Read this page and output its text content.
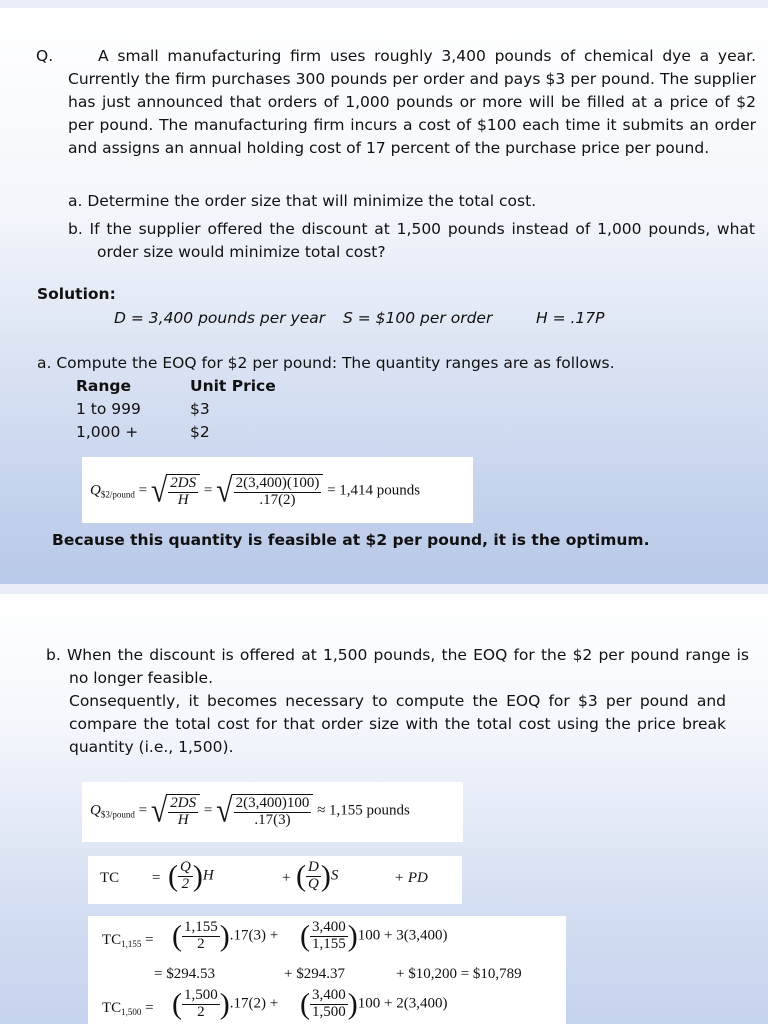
Q.	A small manufacturing firm uses roughly 3,400 pounds of chemical dye a year. Currently the firm purchases 300 pounds per order and pays $3 per pound. The supplier has just announced that orders of 1,000 pounds or more will be filled at a price of $2 per pound. The manufacturing firm incurs a cost of $100 each time it submits an order and assigns an annual holding cost of 17 percent of the purchase price per pound.
a. Determine the order size that will minimize the total cost.
b. If the supplier offered the discount at 1,500 pounds instead of 1,000 pounds, what order size would minimize total cost?
Solution:
D = 3,400 pounds per year S = $100 per order	H = .17P
a. Compute the EOQ for $2 per pound: The quantity ranges are as follows.
Range	Unit Price
1 to 999	$3
1,000 +	$2
$Q_{\$2/pound}$ = √ $\frac{2DS}{H}$ = √ $\frac{2(3,400)(100)}{.17(2)} = 1,414$ pounds
Because this quantity is feasible at $2 per pound, it is the optimum.
b. When the discount is offered at 1,500 pounds, the EOQ for the $2 per pound range is no longer feasible.
Consequently, it becomes necessary to compute the EOQ for $3 per pound and compare the total cost for that order size with the total cost using the price break quantity (i.e., 1,500).
$Q_{\$3/pound}$ = √ $\frac{2DS}{H}$ = √ $\frac{2(3,400)100}{.17(3)} \approx 1,155$ pounds
TC = ( $\frac{Q}{2} )H$	+ ( $\frac{D}{Q} )S$	+ PD
$TC_{1,155}$ = ( $\frac{1,155}{2} ).17(3)$ + ( $\frac{3,400}{1,155} )100 + 3(3,400)$
= $294.53	+ $294.37	+ $10,200 = $10,789
$TC_{1,500}$ = ( $\frac{1,500}{2} ).17(2)$ + ( $\frac{3,400}{1,500} )100 + 2(3,400)$
